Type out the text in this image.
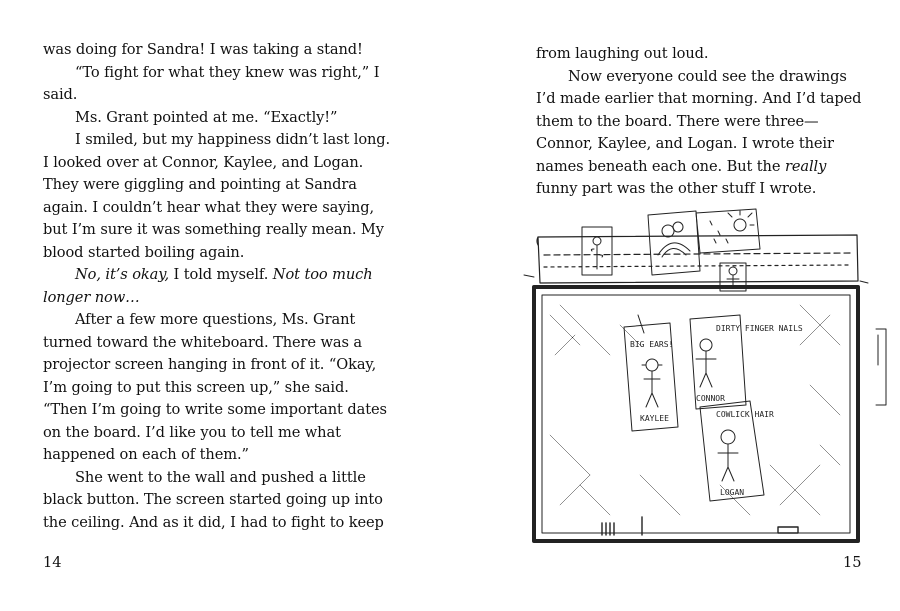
was doing for Sandra! I was taking a stand!

“To fight for what they knew was right,” I said.

Ms. Grant pointed at me. “Exactly!”

I smiled, but my happiness didn’t last long. I looked over at Connor, Kaylee, and Logan. They were giggling and pointing at Sandra again. I couldn’t hear what they were saying, but I’m sure it was something really mean. My blood started boiling again.

No, it’s okay, I told myself. Not too much longer now…

After a few more questions, Ms. Grant turned toward the whiteboard. There was a projector screen hanging in front of it. “Okay, I’m going to put this screen up,” she said. “Then I’m going to write some important dates on the board. I’d like you to tell me what happened on each of them.”

She went to the wall and pushed a little black button. The screen started going up into the ceiling. And as it did, I had to fight to keep

14

from laughing out loud.

Now everyone could see the drawings I’d made earlier that morning. And I’d taped them to the board. There were three—Connor, Kaylee, and Logan. I wrote their names beneath each one. But the really funny part was the other stuff I wrote.

BIG EARS!
KAYLEE
DIRTY FINGER NAILS
CONNOR
COWLICK HAIR
LOGAN
15
